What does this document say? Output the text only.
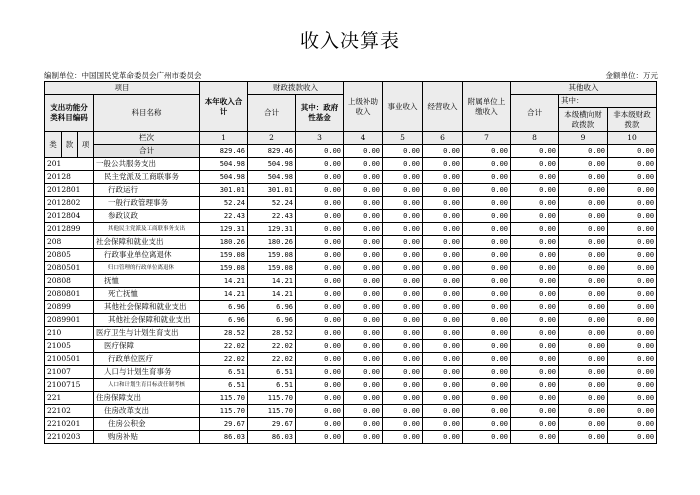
收入决算表
编制单位：中国国民党革命委员会广州市委员会	金额单位：万元
项目				本年收入合计	财政拨款收入		上级补助收入	事业收入	经营收入	附属单位上缴收入	其他收入		
支出功能分类科目编码			科目名称		合计	其中：政府性基金					合计	其中：	
												本级横向财政拨款	非本级财政拨款
类	款	项	栏次	1	2	3	4	5	6	7	8	9	10
			合计	829.46	829.46	0.00	0.00	0.00	0.00	0.00	0.00	0.00	0.00
201			一般公共服务支出	504.98	504.98	0.00	0.00	0.00	0.00	0.00	0.00	0.00	0.00
20128			民主党派及工商联事务	504.98	504.98	0.00	0.00	0.00	0.00	0.00	0.00	0.00	0.00
2012801			行政运行	301.01	301.01	0.00	0.00	0.00	0.00	0.00	0.00	0.00	0.00
2012802			一般行政管理事务	52.24	52.24	0.00	0.00	0.00	0.00	0.00	0.00	0.00	0.00
2012804			参政议政	22.43	22.43	0.00	0.00	0.00	0.00	0.00	0.00	0.00	0.00
2012899			其他民主党派及工商联事务支出	129.31	129.31	0.00	0.00	0.00	0.00	0.00	0.00	0.00	0.00
208			社会保障和就业支出	180.26	180.26	0.00	0.00	0.00	0.00	0.00	0.00	0.00	0.00
20805			行政事业单位离退休	159.08	159.08	0.00	0.00	0.00	0.00	0.00	0.00	0.00	0.00
2080501			归口管理的行政单位离退休	159.08	159.08	0.00	0.00	0.00	0.00	0.00	0.00	0.00	0.00
20808			抚恤	14.21	14.21	0.00	0.00	0.00	0.00	0.00	0.00	0.00	0.00
2080801			死亡抚恤	14.21	14.21	0.00	0.00	0.00	0.00	0.00	0.00	0.00	0.00
20899			其他社会保障和就业支出	6.96	6.96	0.00	0.00	0.00	0.00	0.00	0.00	0.00	0.00
2089901			其他社会保障和就业支出	6.96	6.96	0.00	0.00	0.00	0.00	0.00	0.00	0.00	0.00
210			医疗卫生与计划生育支出	28.52	28.52	0.00	0.00	0.00	0.00	0.00	0.00	0.00	0.00
21005			医疗保障	22.02	22.02	0.00	0.00	0.00	0.00	0.00	0.00	0.00	0.00
2100501			行政单位医疗	22.02	22.02	0.00	0.00	0.00	0.00	0.00	0.00	0.00	0.00
21007			人口与计划生育事务	6.51	6.51	0.00	0.00	0.00	0.00	0.00	0.00	0.00	0.00
2100715			人口和计划生育目标责任制考核	6.51	6.51	0.00	0.00	0.00	0.00	0.00	0.00	0.00	0.00
221			住房保障支出	115.70	115.70	0.00	0.00	0.00	0.00	0.00	0.00	0.00	0.00
22102			住房改革支出	115.70	115.70	0.00	0.00	0.00	0.00	0.00	0.00	0.00	0.00
2210201			住房公积金	29.67	29.67	0.00	0.00	0.00	0.00	0.00	0.00	0.00	0.00
2210203			购房补贴	86.03	86.03	0.00	0.00	0.00	0.00	0.00	0.00	0.00	0.00
